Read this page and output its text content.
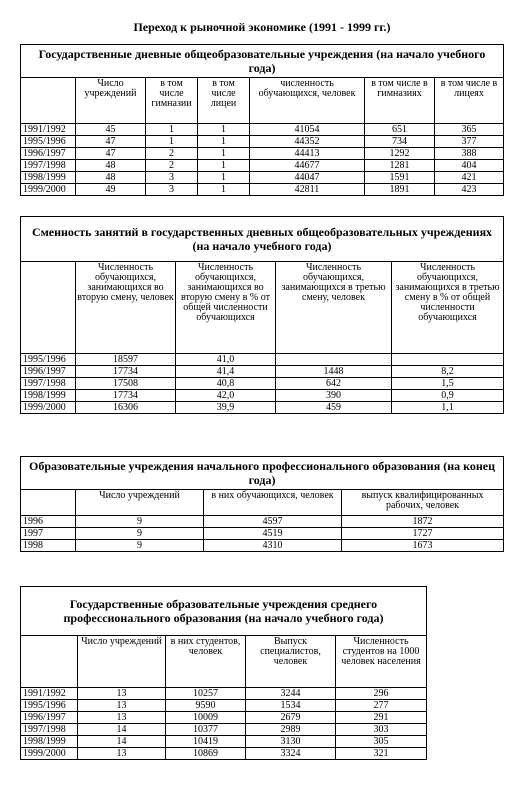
Переход к рыночной экономике (1991 - 1999 гг.)
Государственные дневные общеобразовательные учреждения (на начало учебного года)						
	Число учреждений	в том числе гимназии	в том числе лицеи	численность обучающихся, человек	в том числе в гимназиях	в том числе в лицеях
1991/1992	45	1	1	41054	651	365
1995/1996	47	1	1	44352	734	377
1996/1997	47	2	1	44413	1292	388
1997/1998	48	2	1	44677	1281	404
1998/1999	48	3	1	44047	1591	421
1999/2000	49	3	1	42811	1891	423
Сменность занятий в государственных дневных общеобразовательных учреждениях (на начало учебного года)				
	Численность обучающихся, занимающихся во вторую смену, человек	Численность обучающихся, занимающихся во вторую смену в % от общей численности обучающихся	Численность обучающихся, занимающихся в третью смену, человек	Численность обучающихся, занимающихся в третью смену в % от общей численности обучающихся
1995/1996	18597	41,0		
1996/1997	17734	41,4	1448	8,2
1997/1998	17508	40,8	642	1,5
1998/1999	17734	42,0	390	0,9
1999/2000	16306	39,9	459	1,1
Образовательные учреждения начального профессионального образования (на конец года)			
	Число учреждений	в них обучающихся, человек	выпуск квалифицированных рабочих, человек
1996	9	4597	1872
1997	9	4519	1727
1998	9	4310	1673
Государственные образовательные учреждения среднего профессионального образования (на начало учебного года)				
	Число учреждений	в них студентов, человек	Выпуск специалистов, человек	Численность студентов на 1000 человек населения
1991/1992	13	10257	3244	296
1995/1996	13	9590	1534	277
1996/1997	13	10009	2679	291
1997/1998	14	10377	2989	303
1998/1999	14	10419	3130	305
1999/2000	13	10869	3324	321
